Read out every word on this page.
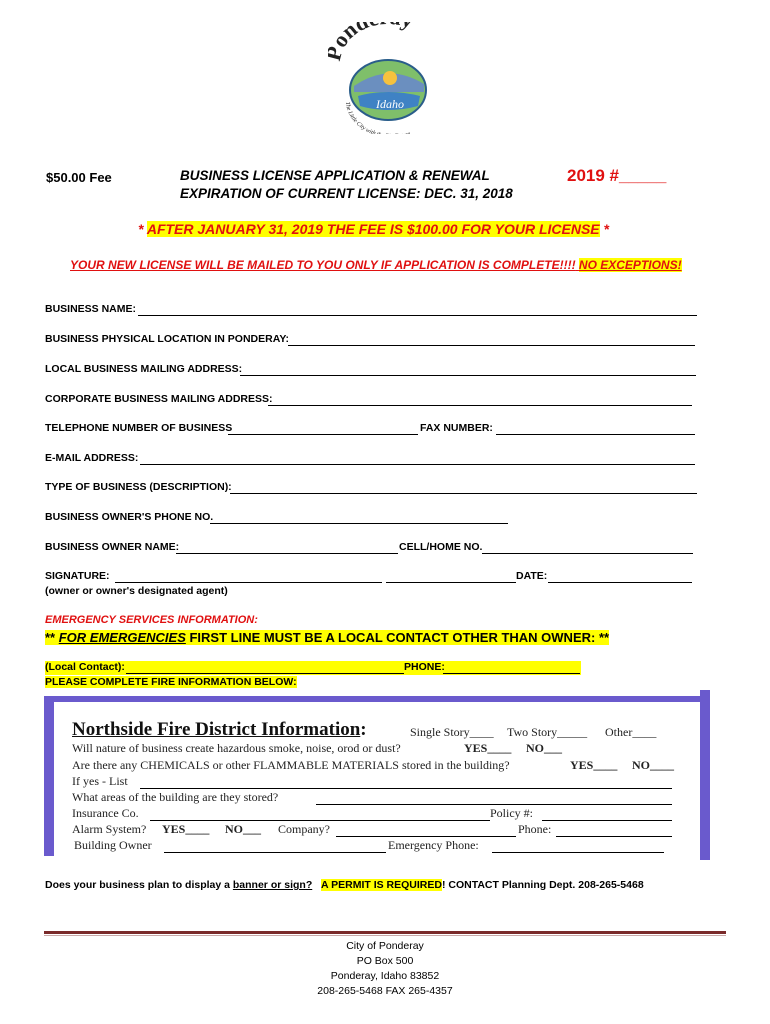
ond
Idaho
The Little City with
$50.00 Fee	BUSINESS LICENSE APPLICATION & RENEWAL
EXPIRATION OF CURRENT LICENSE: DEC. 31, 2018
2019 #_____
* AFTER JANUARY 31, 2019 THE FEE IS $100.00 FOR YOUR LICENSE *
YOUR NEW LICENSE WILL BE MAILED TO YOU ONLY IF APPLICATION IS COMPLETE!!!! NO EXCEPTIONS!
BUSINESS NAME:
BUSINESS PHYSICAL LOCATION IN PONDERAY:
LOCAL BUSINESS MAILING ADDRESS:
CORPORATE BUSINESS MAILING ADDRESS:
TELEPHONE NUMBER OF BUSINESS	FAX NUMBER:
E-MAIL ADDRESS:
TYPE OF BUSINESS (DESCRIPTION):
BUSINESS OWNER'S PHONE NO.
BUSINESS OWNER NAME:	CELL/HOME NO.
SIGNATURE:	DATE:
(owner or owner's designated agent)
EMERGENCY SERVICES INFORMATION:
** FOR EMERGENCIES FIRST LINE MUST BE A LOCAL CONTACT OTHER THAN OWNER: **
(Local Contact):	PHONE:
PLEASE COMPLETE FIRE INFORMATION BELOW:
Northside Fire District Information:	Single Story____ Two Story_____ Other____
Will nature of business create hazardous smoke, noise, orod or dust?	YES____ NO___
Are there any CHEMICALS or other FLAMMABLE MATERIALS stored in the building?	YES____ NO____
If yes - List
What areas of the building are they stored?
Insurance Co.	Policy #:
Alarm System? YES____ NO___ Company?	Phone:
Building Owner	Emergency Phone:
Does your business plan to display a banner or sign? A PERMIT IS REQUIRED! CONTACT Planning Dept. 208-265-5468
City of Ponderay
PO Box 500
Ponderay, Idaho 83852
208-265-5468 FAX 265-4357
